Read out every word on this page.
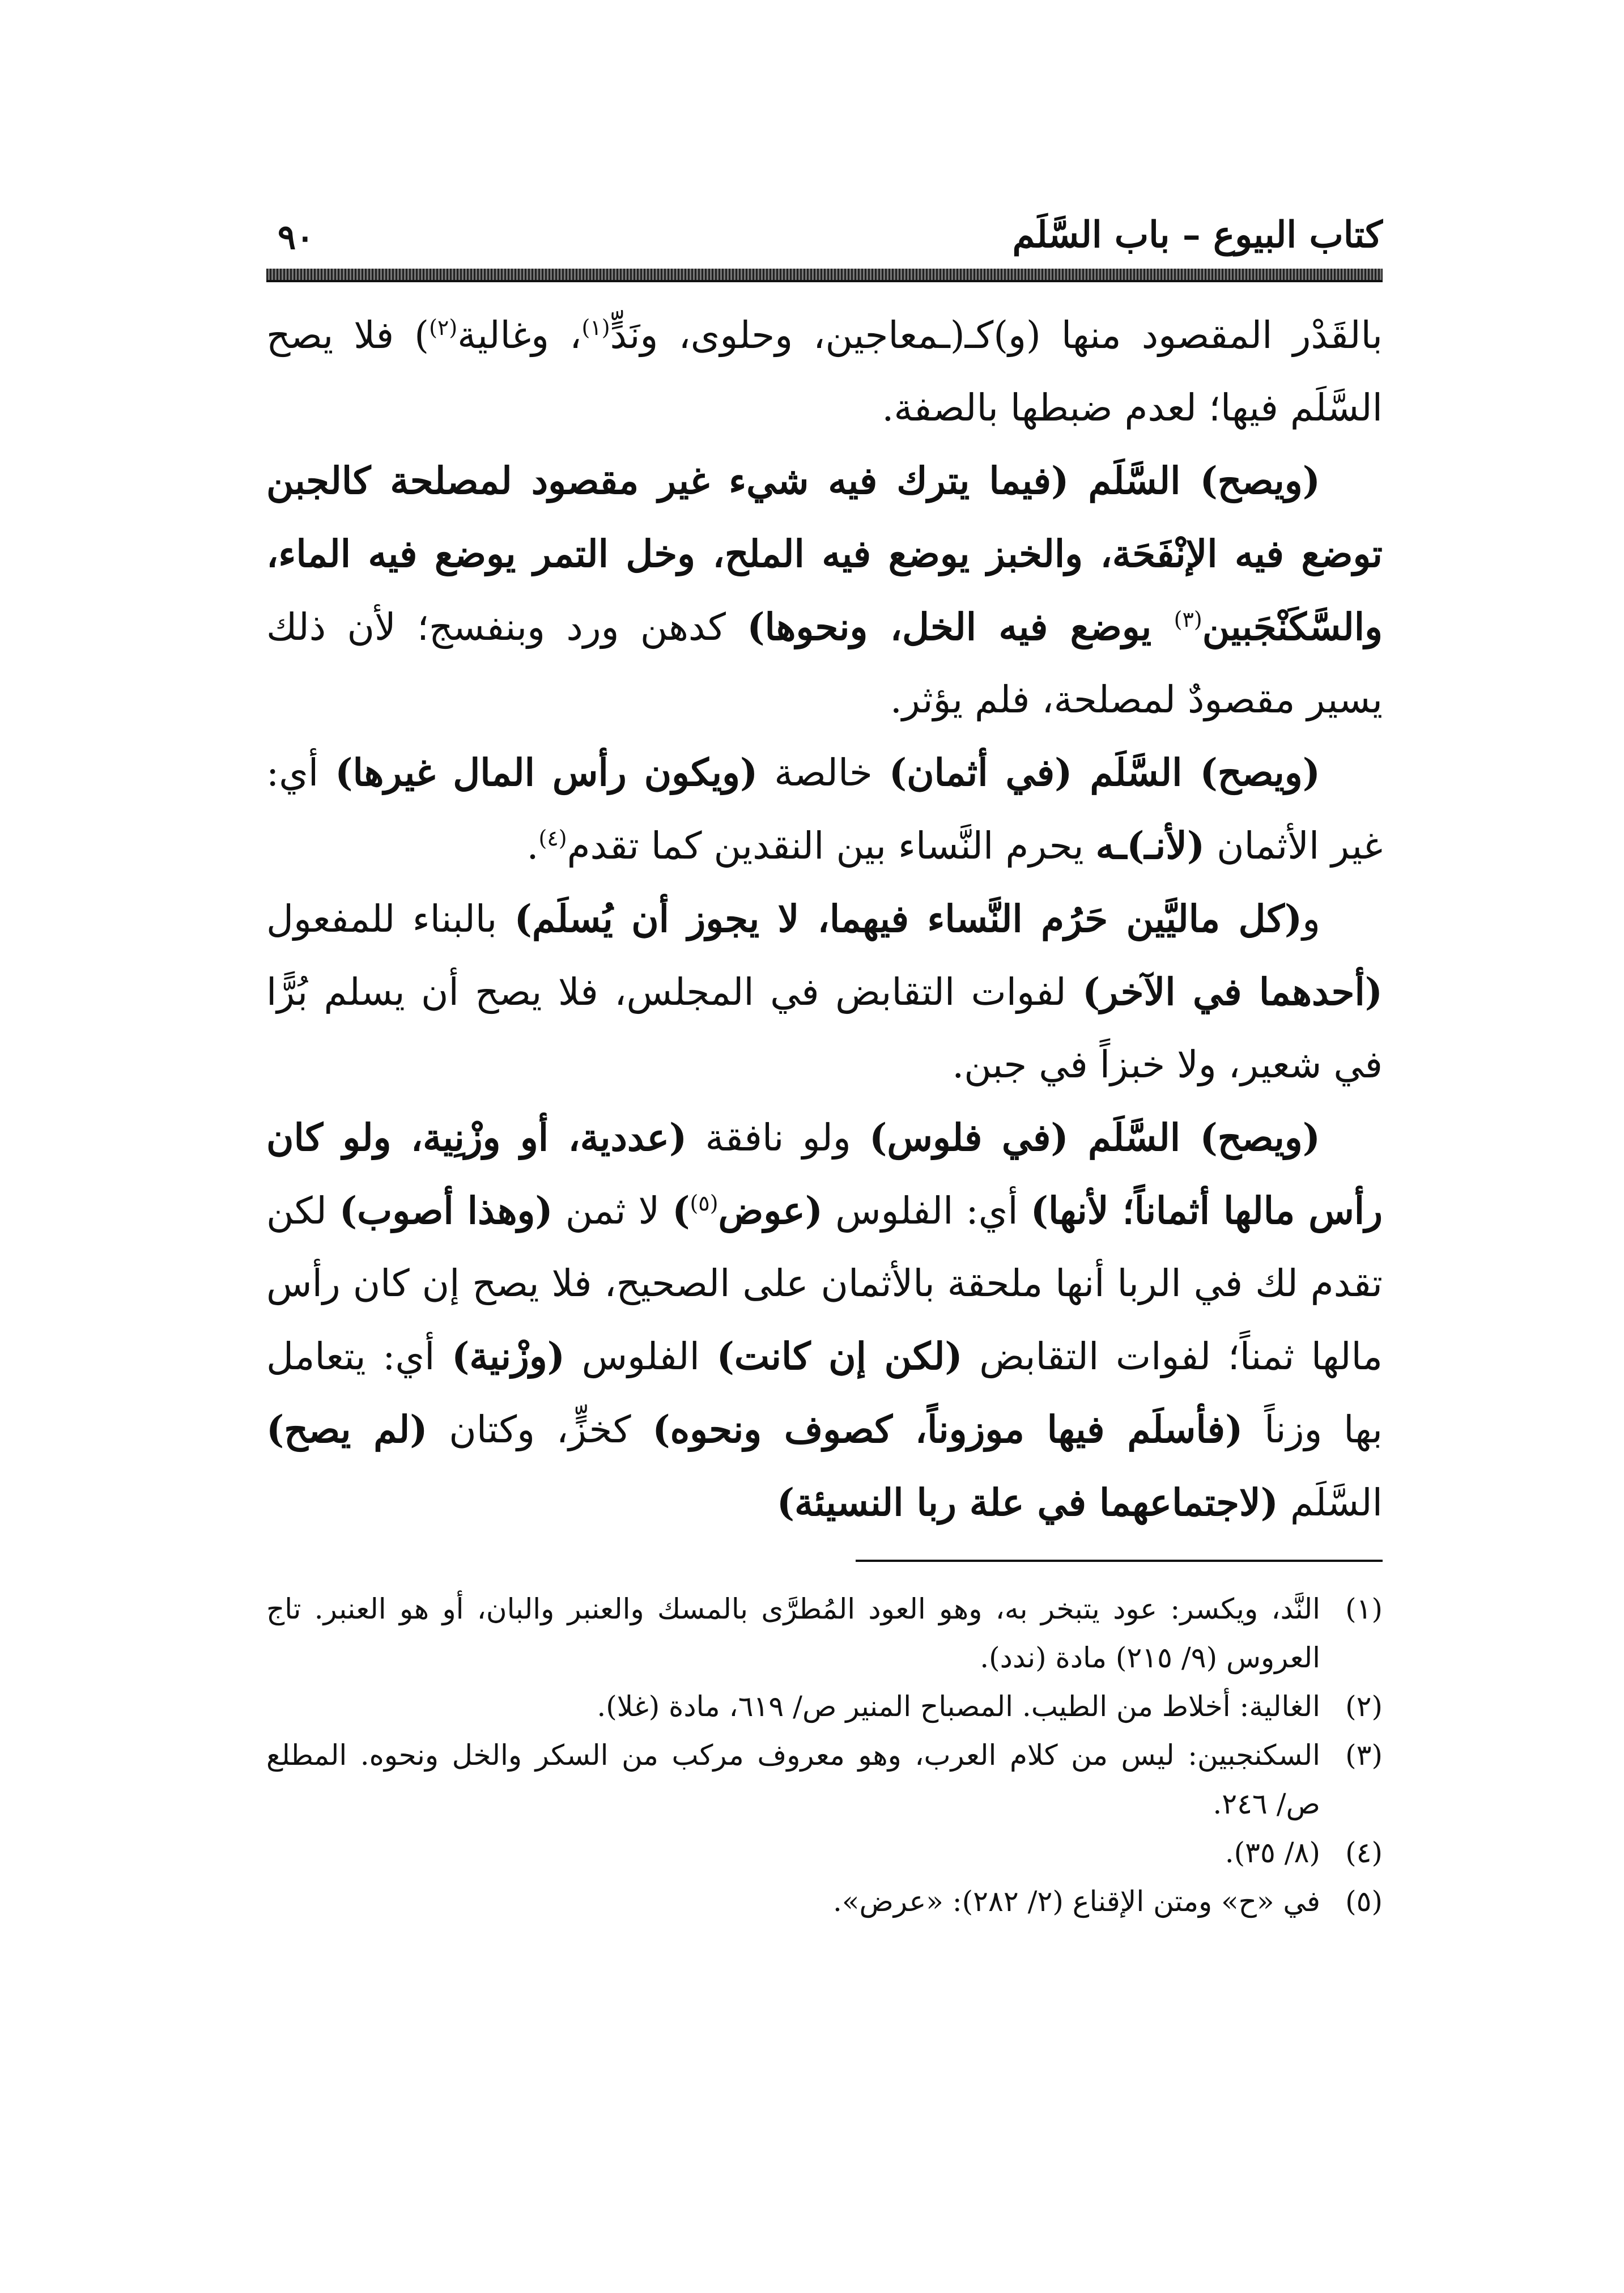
كتاب البيوع – باب السَّلَم
٩٠

بالقَدْر المقصود منها (و)كـ(ـمعاجين، وحلوى، ونَدٍّ$^{(١)}$، وغالية$^{(٢)}$) فلا يصح السَّلَم فيها؛ لعدم ضبطها بالصفة.

(ويصح) السَّلَم (فيما يترك فيه شيء غير مقصود لمصلحة كالجبن توضع فيه الإنْفَحَة، والخبز يوضع فيه الملح، وخل التمر يوضع فيه الماء، والسَّكَنْجَبين$^{(٣)}$ يوضع فيه الخل، ونحوها) كدهن ورد وبنفسج؛ لأن ذلك يسير مقصودٌ لمصلحة، فلم يؤثر.

(ويصح) السَّلَم (في أثمان) خالصة (ويكون رأس المال غيرها) أي: غير الأثمان (لأنـ)ـه يحرم النَّساء بين النقدين كما تقدم$^{(٤)}$.

و(كل ماليَّين حَرُم النَّساء فيهما، لا يجوز أن يُسلَم) بالبناء للمفعول (أحدهما في الآخر) لفوات التقابض في المجلس، فلا يصح أن يسلم بُرًّا في شعير، ولا خبزاً في جبن.

(ويصح) السَّلَم (في فلوس) ولو نافقة (عددية، أو وزْنِية، ولو كان رأس مالها أثماناً؛ لأنها) أي: الفلوس (عوض$^{(٥)}$) لا ثمن (وهذا أصوب) لكن تقدم لك في الربا أنها ملحقة بالأثمان على الصحيح، فلا يصح إن كان رأس مالها ثمناً؛ لفوات التقابض (لكن إن كانت) الفلوس (وزْنية) أي: يتعامل بها وزناً (فأسلَم فيها موزوناً، كصوف ونحوه) كخزٍّ، وكتان (لم يصح) السَّلَم (لاجتماعهما في علة ربا النسيئة)

(١)
النَّد، ويكسر: عود يتبخر به، وهو العود المُطرَّى بالمسك والعنبر والبان، أو هو العنبر. تاج العروس (٩/ ٢١٥) مادة (ندد).
(٢)
الغالية: أخلاط من الطيب. المصباح المنير ص/ ٦١٩، مادة (غلا).
(٣)
السكنجبين: ليس من كلام العرب، وهو معروف مركب من السكر والخل ونحوه. المطلع ص/ ٢٤٦.
(٤)
(٨/ ٣٥).
(٥)
في «ح» ومتن الإقناع (٢/ ٢٨٢): «عرض».
